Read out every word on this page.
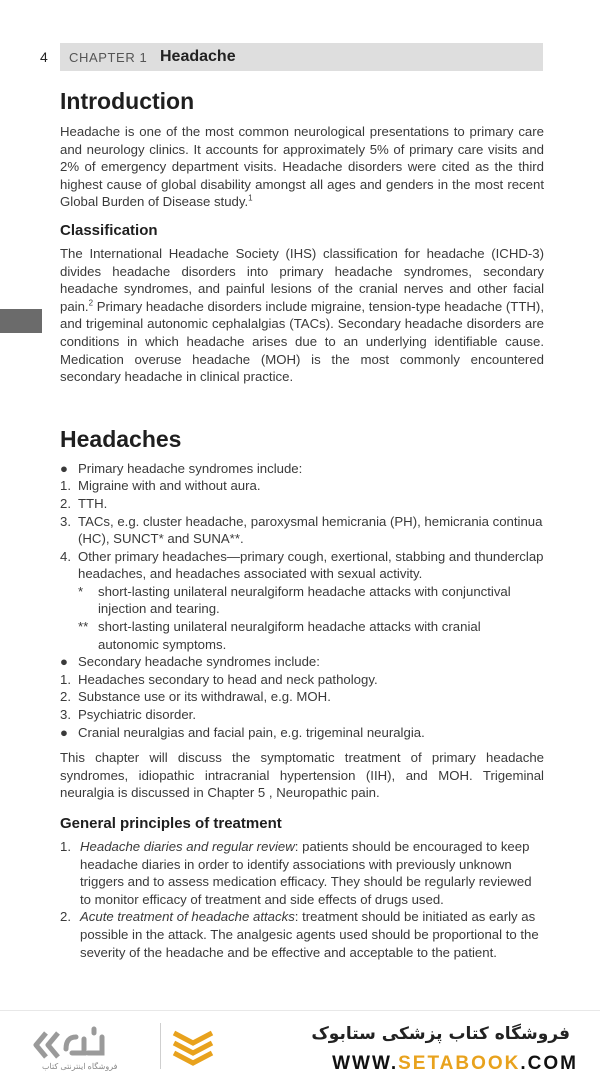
4 CHAPTER 1 Headache
Introduction

Headache is one of the most common neurological presentations to primary care and neurology clinics. It accounts for approximately 5% of primary care visits and 2% of emergency department visits. Headache disorders were cited as the third highest cause of global disability amongst all ages and genders in the most recent Global Burden of Disease study.$^1$

Classification

The International Headache Society (IHS) classification for headache (ICHD-3) divides headache disorders into primary headache syndromes, secondary headache syndromes, and painful lesions of the cranial nerves and other facial pain.$^2$ Primary headache disorders include migraine, tension-type headache (TTH), and trigeminal autonomic cephalalgias (TACs). Secondary headache disorders are conditions in which headache arises due to an underlying identifiable cause. Medication overuse headache (MOH) is the most commonly encountered secondary headache in clinical practice.

Headaches
● Primary headache syndromes include:
1. Migraine with and without aura.
2. TTH.
3. TACs, e.g. cluster headache, paroxysmal hemicrania (PH), hemicrania continua (HC), SUNCT* and SUNA**.
4. Other primary headaches—primary cough, exertional, stabbing and thunderclap headaches, and headaches associated with sexual activity.
*	short-lasting unilateral neuralgiform headache attacks with conjunctival injection and tearing.
** short-lasting unilateral neuralgiform headache attacks with cranial autonomic symptoms.
● Secondary headache syndromes include:
1. Headaches secondary to head and neck pathology.
2. Substance use or its withdrawal, e.g. MOH.
3. Psychiatric disorder.
● Cranial neuralgias and facial pain, e.g. trigeminal neuralgia.

This chapter will discuss the symptomatic treatment of primary headache syndromes, idiopathic intracranial hypertension (IIH), and MOH. Trigeminal neuralgia is discussed in Chapter 5 , Neuropathic pain.

General principles of treatment
1. Headache diaries and regular review: patients should be encouraged to keep headache diaries in order to identify associations with previously unknown triggers and to assess medication efficacy. They should be regularly reviewed to monitor efficacy of treatment and side effects of drugs used.
2. Acute treatment of headache attacks: treatment should be initiated as early as possible in the attack. The analgesic agents used should be proportional to the severity of the headache and be effective and acceptable to the patient.
فروشگاه اینترنتی کتاب
فروشگاه کتاب پزشکی ستابوک
WWW.SETABOOK.COM
